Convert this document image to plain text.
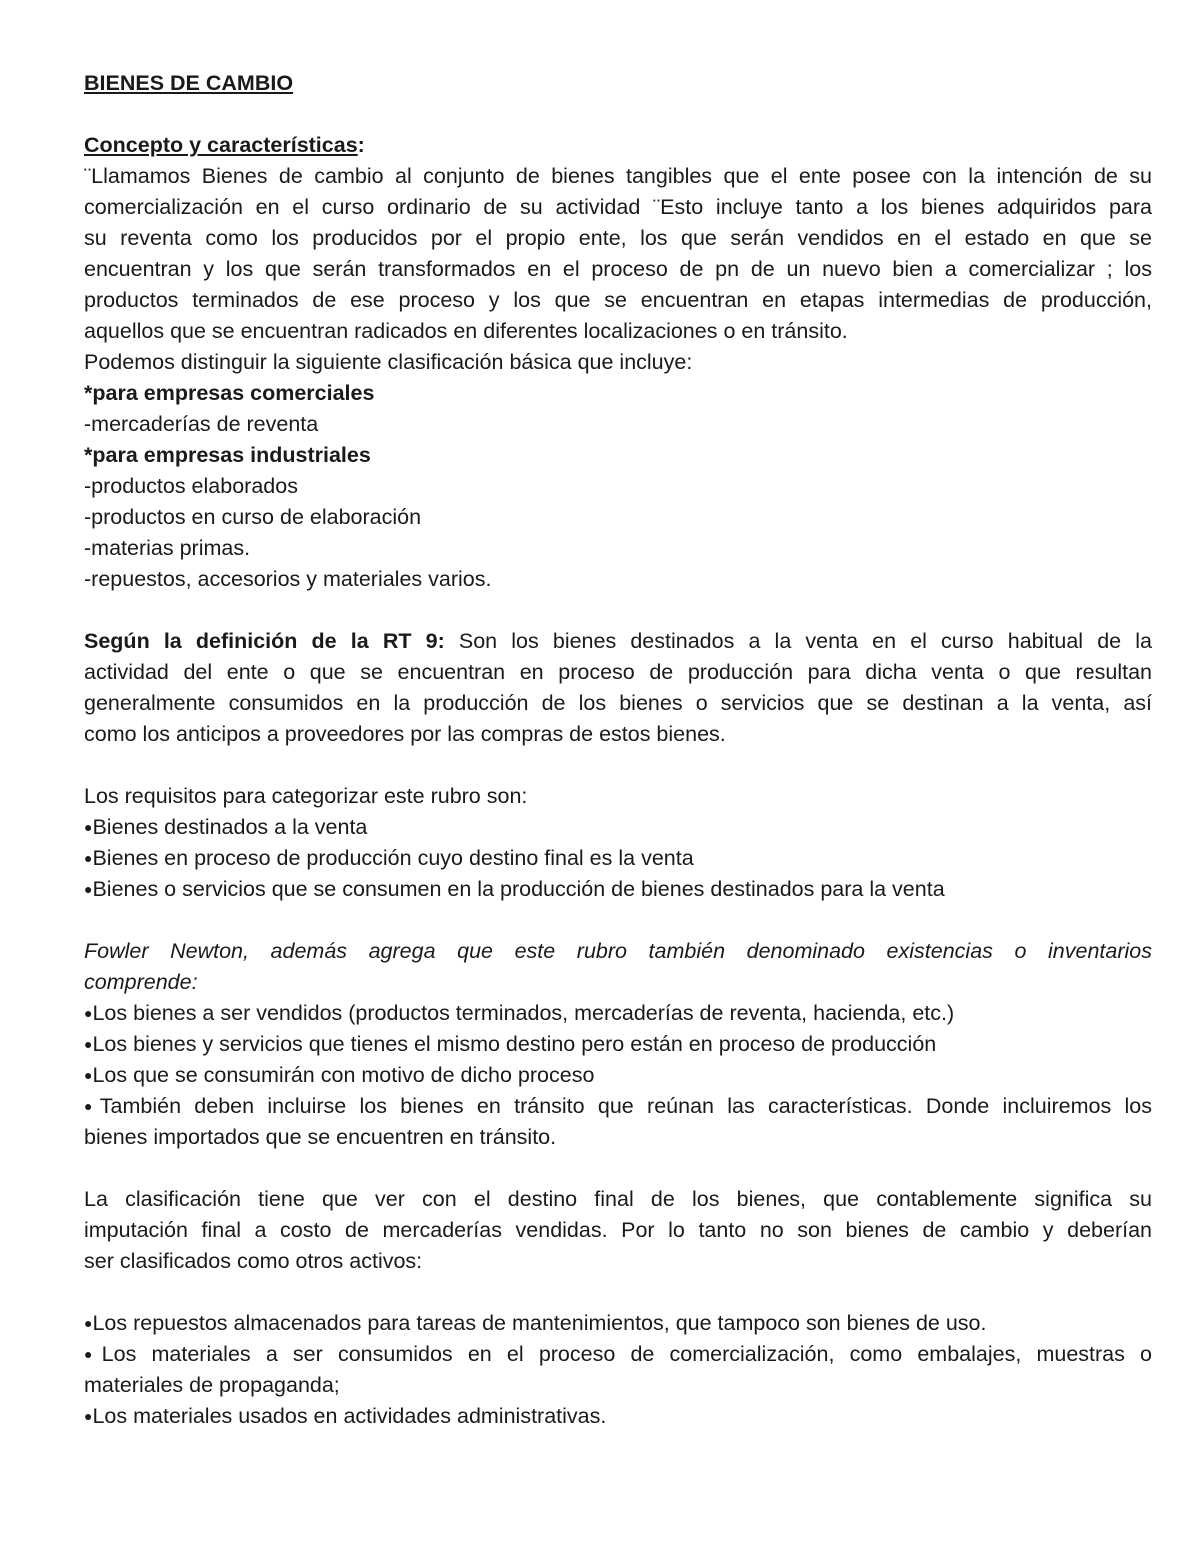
BIENES DE CAMBIO
Concepto y características:
¨Llamamos Bienes de cambio al conjunto de bienes tangibles que el ente posee con la intención de su
comercialización en el curso ordinario de su actividad ¨Esto incluye tanto a los bienes adquiridos para
su reventa como los producidos por el propio ente, los que serán vendidos en el estado en que se
encuentran y los que serán transformados en el proceso de pn de un nuevo bien a comercializar ; los
productos terminados de ese proceso y los que se encuentran en etapas intermedias de producción,
aquellos que se encuentran radicados en diferentes localizaciones o en tránsito.
Podemos distinguir la siguiente clasificación básica que incluye:
*para empresas comerciales
-mercaderías de reventa
*para empresas industriales
-productos elaborados
-productos en curso de elaboración
-materias primas.
-repuestos, accesorios y materiales varios.
Según la definición de la RT 9: Son los bienes destinados a la venta en el curso habitual de la
actividad del ente o que se encuentran en proceso de producción para dicha venta o que resultan
generalmente consumidos en la producción de los bienes o servicios que se destinan a la venta, así
como los anticipos a proveedores por las compras de estos bienes.
Los requisitos para categorizar este rubro son:
● Bienes destinados a la venta
● Bienes en proceso de producción cuyo destino final es la venta
● Bienes o servicios que se consumen en la producción de bienes destinados para la venta
Fowler Newton, además agrega que este rubro también denominado existencias o inventarios
comprende:
● Los bienes a ser vendidos (productos terminados, mercaderías de reventa, hacienda, etc.)
● Los bienes y servicios que tienes el mismo destino pero están en proceso de producción
● Los que se consumirán con motivo de dicho proceso
● También deben incluirse los bienes en tránsito que reúnan las características. Donde incluiremos los
bienes importados que se encuentren en tránsito.
La clasificación tiene que ver con el destino final de los bienes, que contablemente significa su
imputación final a costo de mercaderías vendidas. Por lo tanto no son bienes de cambio y deberían
ser clasificados como otros activos:
● Los repuestos almacenados para tareas de mantenimientos, que tampoco son bienes de uso.
● Los materiales a ser consumidos en el proceso de comercialización, como embalajes, muestras o
materiales de propaganda;
● Los materiales usados en actividades administrativas.
